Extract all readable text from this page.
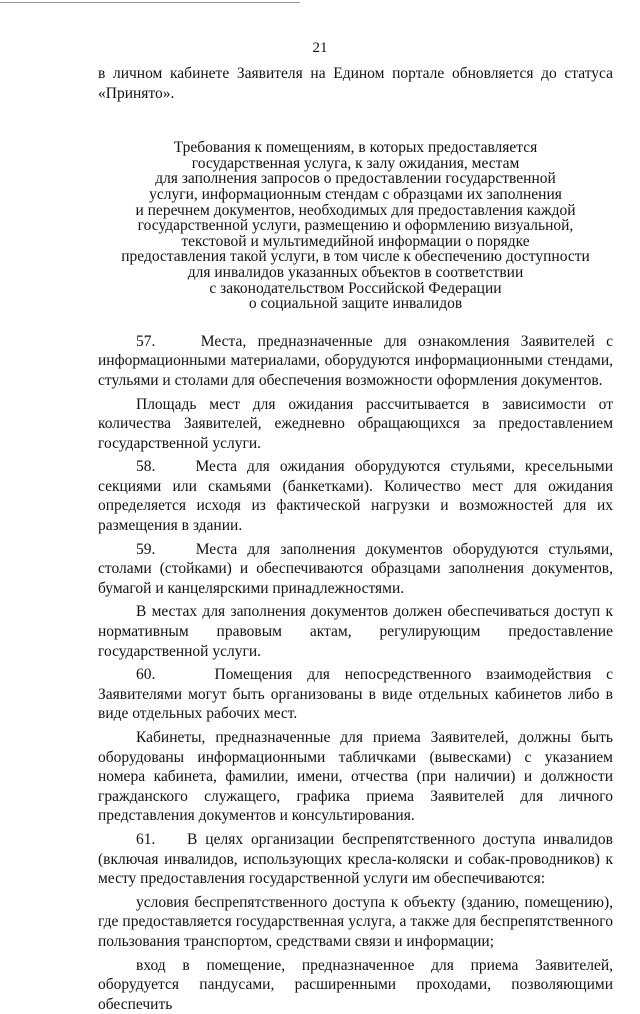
21

в личном кабинете Заявителя на Едином портале обновляется до статуса «Принято».

Требования к помещениям, в которых предоставляется
государственная услуга, к залу ожидания, местам
для заполнения запросов о предоставлении государственной
услуги, информационным стендам с образцами их заполнения
и перечнем документов, необходимых для предоставления каждой
государственной услуги, размещению и оформлению визуальной,
текстовой и мультимедийной информации о порядке
предоставления такой услуги, в том числе к обеспечению доступности
для инвалидов указанных объектов в соответствии
с законодательством Российской Федерации
о социальной защите инвалидов

57.    Места, предназначенные для ознакомления Заявителей с информационными материалами, оборудуются информационными стендами, стульями и столами для обеспечения возможности оформления документов.

Площадь мест для ожидания рассчитывается в зависимости от количества Заявителей, ежедневно обращающихся за предоставлением государственной услуги.

58.    Места для ожидания оборудуются стульями, кресельными секциями или скамьями (банкетками). Количество мест для ожидания определяется исходя из фактической нагрузки и возможностей для их размещения в здании.

59.    Места для заполнения документов оборудуются стульями, столами (стойками) и обеспечиваются образцами заполнения документов, бумагой и канцелярскими принадлежностями.

В местах для заполнения документов должен обеспечиваться доступ к нормативным правовым актам, регулирующим предоставление государственной услуги.

60.    Помещения для непосредственного взаимодействия с Заявителями могут быть организованы в виде отдельных кабинетов либо в виде отдельных рабочих мест.

Кабинеты, предназначенные для приема Заявителей, должны быть оборудованы информационными табличками (вывесками) с указанием номера кабинета, фамилии, имени, отчества (при наличии) и должности гражданского служащего, графика приема Заявителей для личного представления документов и консультирования.

61.    В целях организации беспрепятственного доступа инвалидов (включая инвалидов, использующих кресла-коляски и собак-проводников) к месту предоставления государственной услуги им обеспечиваются:

условия беспрепятственного доступа к объекту (зданию, помещению), где предоставляется государственная услуга, а также для беспрепятственного пользования транспортом, средствами связи и информации;

вход в помещение, предназначенное для приема Заявителей, оборудуется пандусами, расширенными проходами, позволяющими обеспечить
